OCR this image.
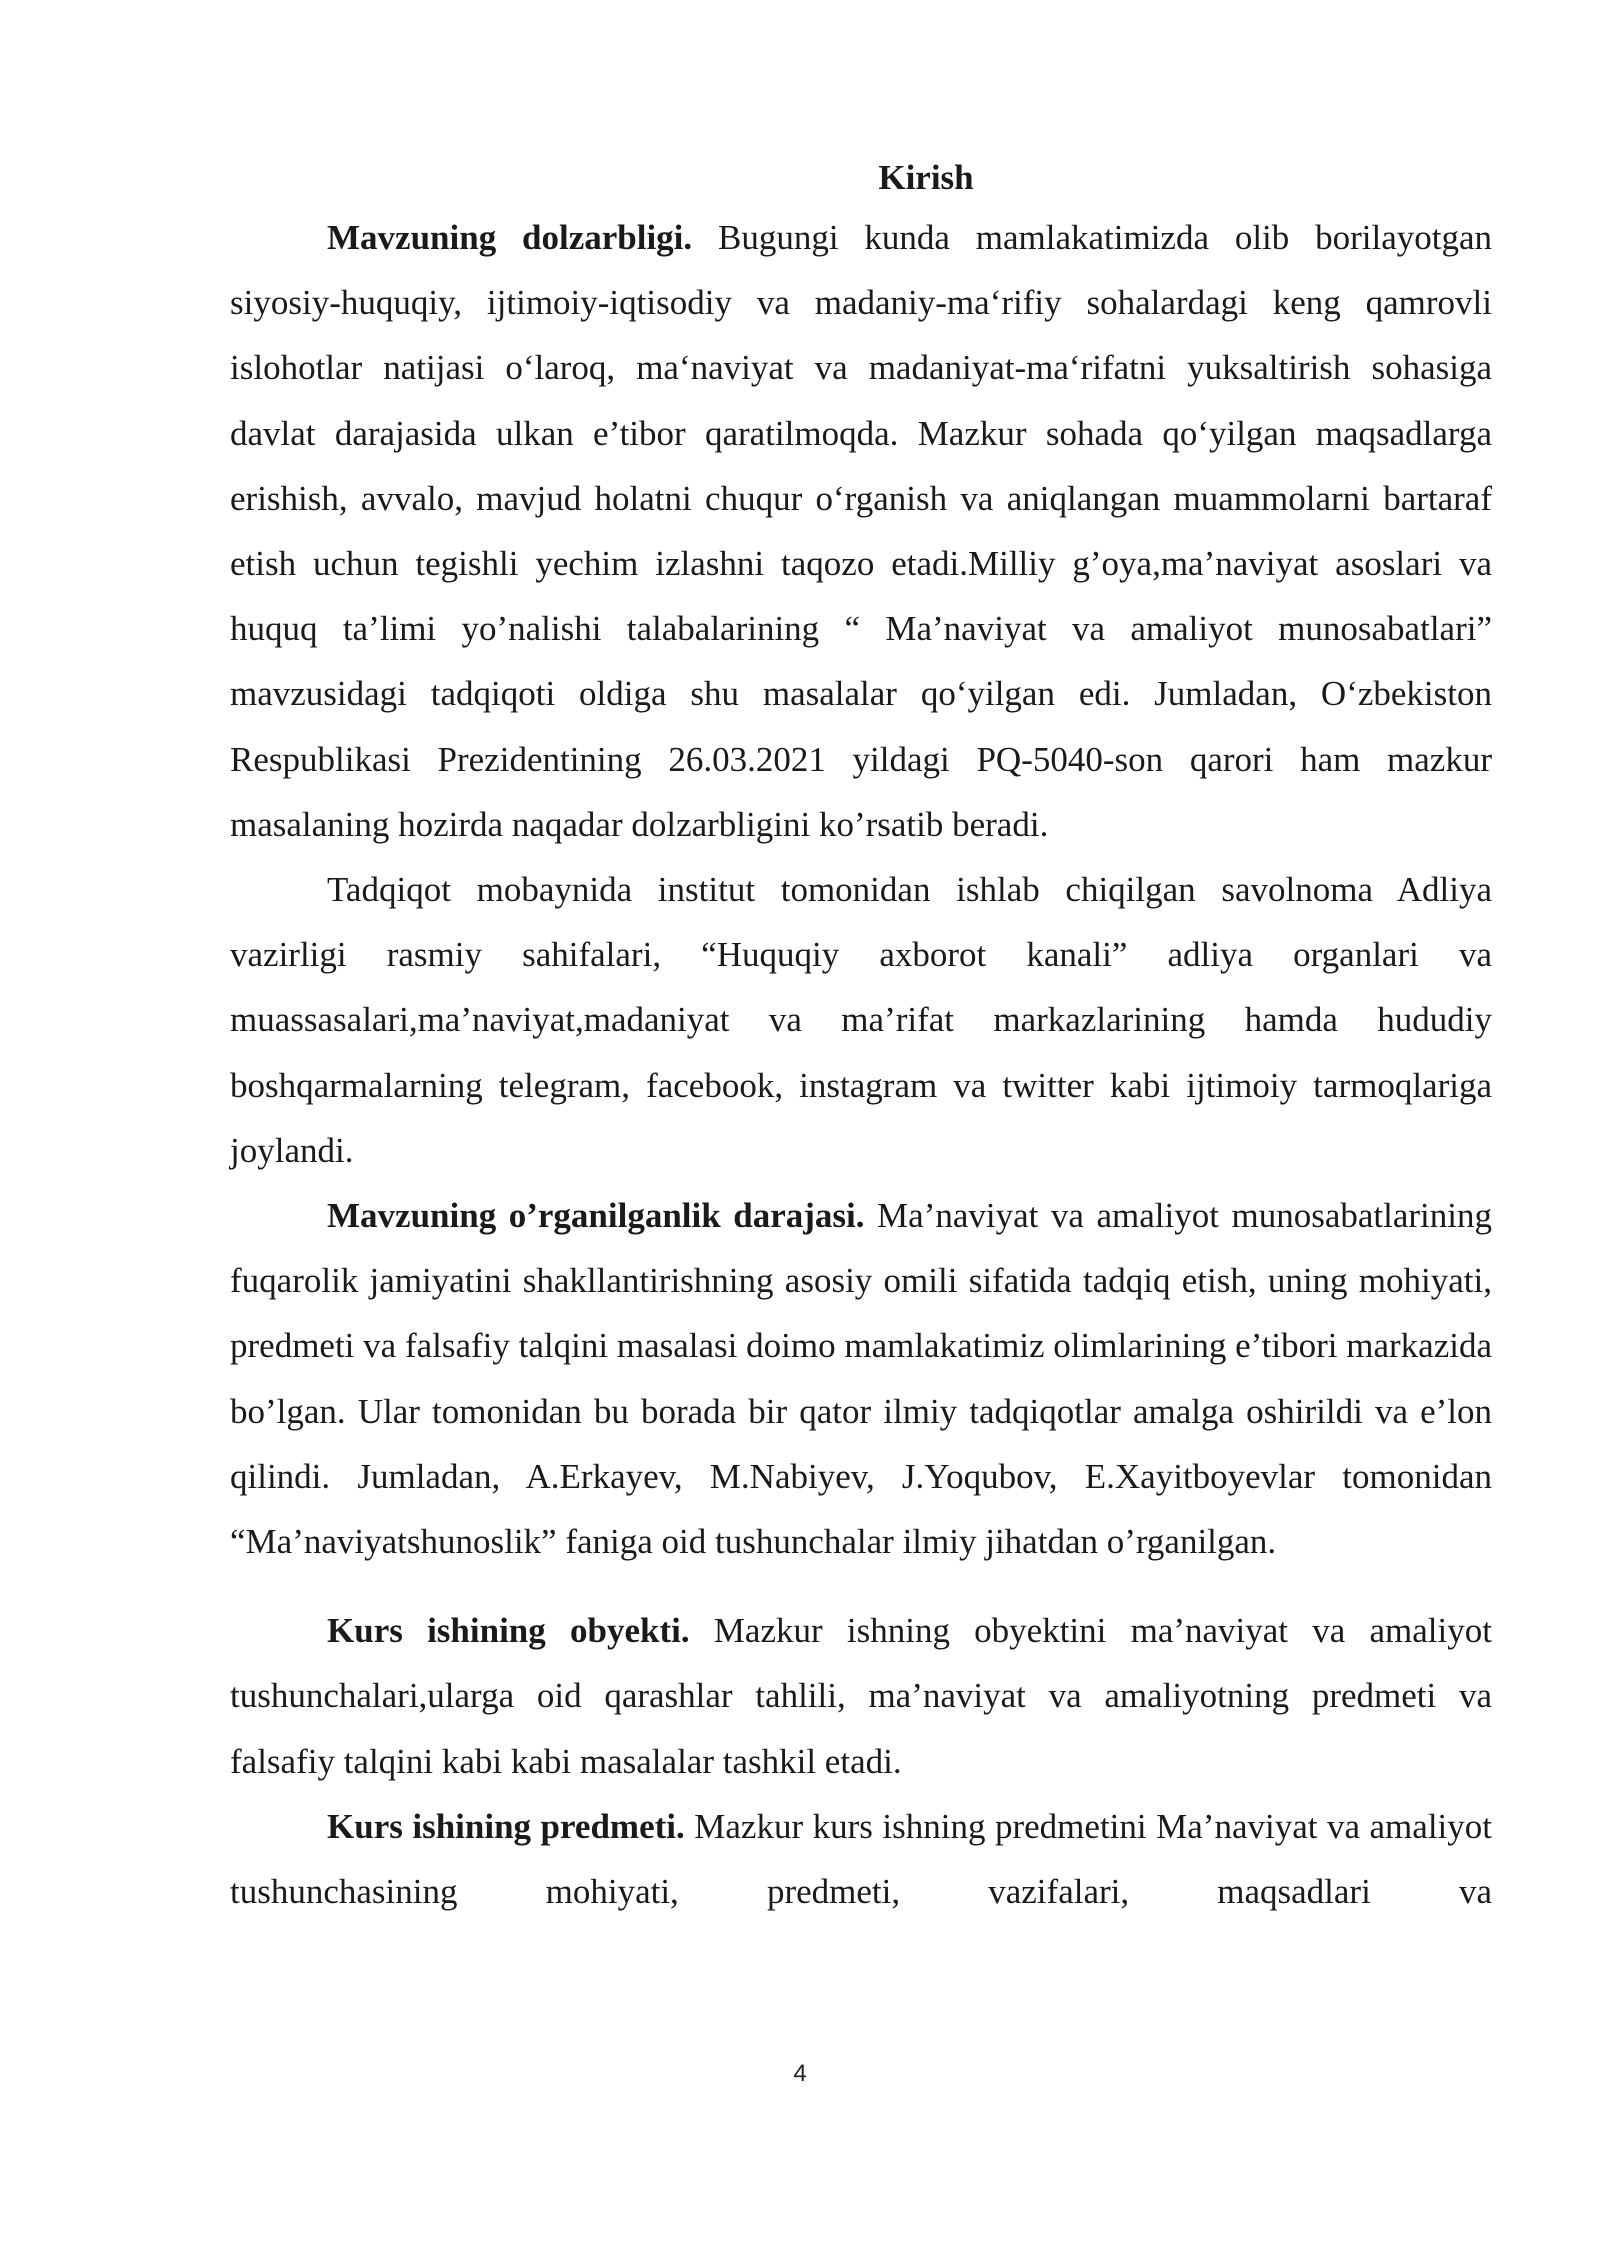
Kirish

Mavzuning dolzarbligi. Bugungi kunda mamlakatimizda olib borilayotgan siyosiy-huquqiy, ijtimoiy-iqtisodiy va madaniy-ma‘rifiy sohalardagi keng qamrovli islohotlar natijasi o‘laroq, ma‘naviyat va madaniyat-ma‘rifatni yuksaltirish sohasiga davlat darajasida ulkan e’tibor qaratilmoqda. Mazkur sohada qo‘yilgan maqsadlarga erishish, avvalo, mavjud holatni chuqur o‘rganish va aniqlangan muammolarni bartaraf etish uchun tegishli yechim izlashni taqozo etadi.Milliy g’oya,ma’naviyat asoslari va huquq ta’limi yo’nalishi talabalarining “ Ma’naviyat va amaliyot munosabatlari” mavzusidagi tadqiqoti oldiga shu masalalar qo‘yilgan edi. Jumladan, O‘zbekiston Respublikasi Prezidentining 26.03.2021 yildagi PQ-5040-son qarori ham mazkur masalaning hozirda naqadar dolzarbligini ko’rsatib beradi.

Tadqiqot mobaynida institut tomonidan ishlab chiqilgan savolnoma Adliya vazirligi rasmiy sahifalari, “Huquqiy axborot kanali” adliya organlari va muassasalari,ma’naviyat,madaniyat va ma’rifat markazlarining hamda hududiy boshqarmalarning telegram, facebook, instagram va twitter kabi ijtimoiy tarmoqlariga joylandi.

Mavzuning o’rganilganlik darajasi. Ma’naviyat va amaliyot munosabatlarining fuqarolik jamiyatini shakllantirishning asosiy omili sifatida tadqiq etish, uning mohiyati, predmeti va falsafiy talqini masalasi doimo mamlakatimiz olimlarining e’tibori markazida bo’lgan. Ular tomonidan bu borada bir qator ilmiy tadqiqotlar amalga oshirildi va e’lon qilindi. Jumladan, A.Erkayev, M.Nabiyev, J.Yoqubov, E.Xayitboyevlar tomonidan “Ma’naviyatshunoslik” faniga oid tushunchalar ilmiy jihatdan o’rganilgan.

Kurs ishining obyekti. Mazkur ishning obyektini ma’naviyat va amaliyot tushunchalari,ularga oid qarashlar tahlili, ma’naviyat va amaliyotning predmeti va falsafiy talqini kabi kabi masalalar tashkil etadi.

Kurs ishining predmeti. Mazkur kurs ishning predmetini Ma’naviyat va amaliyot tushunchasining mohiyati, predmeti, vazifalari, maqsadlari va

4
